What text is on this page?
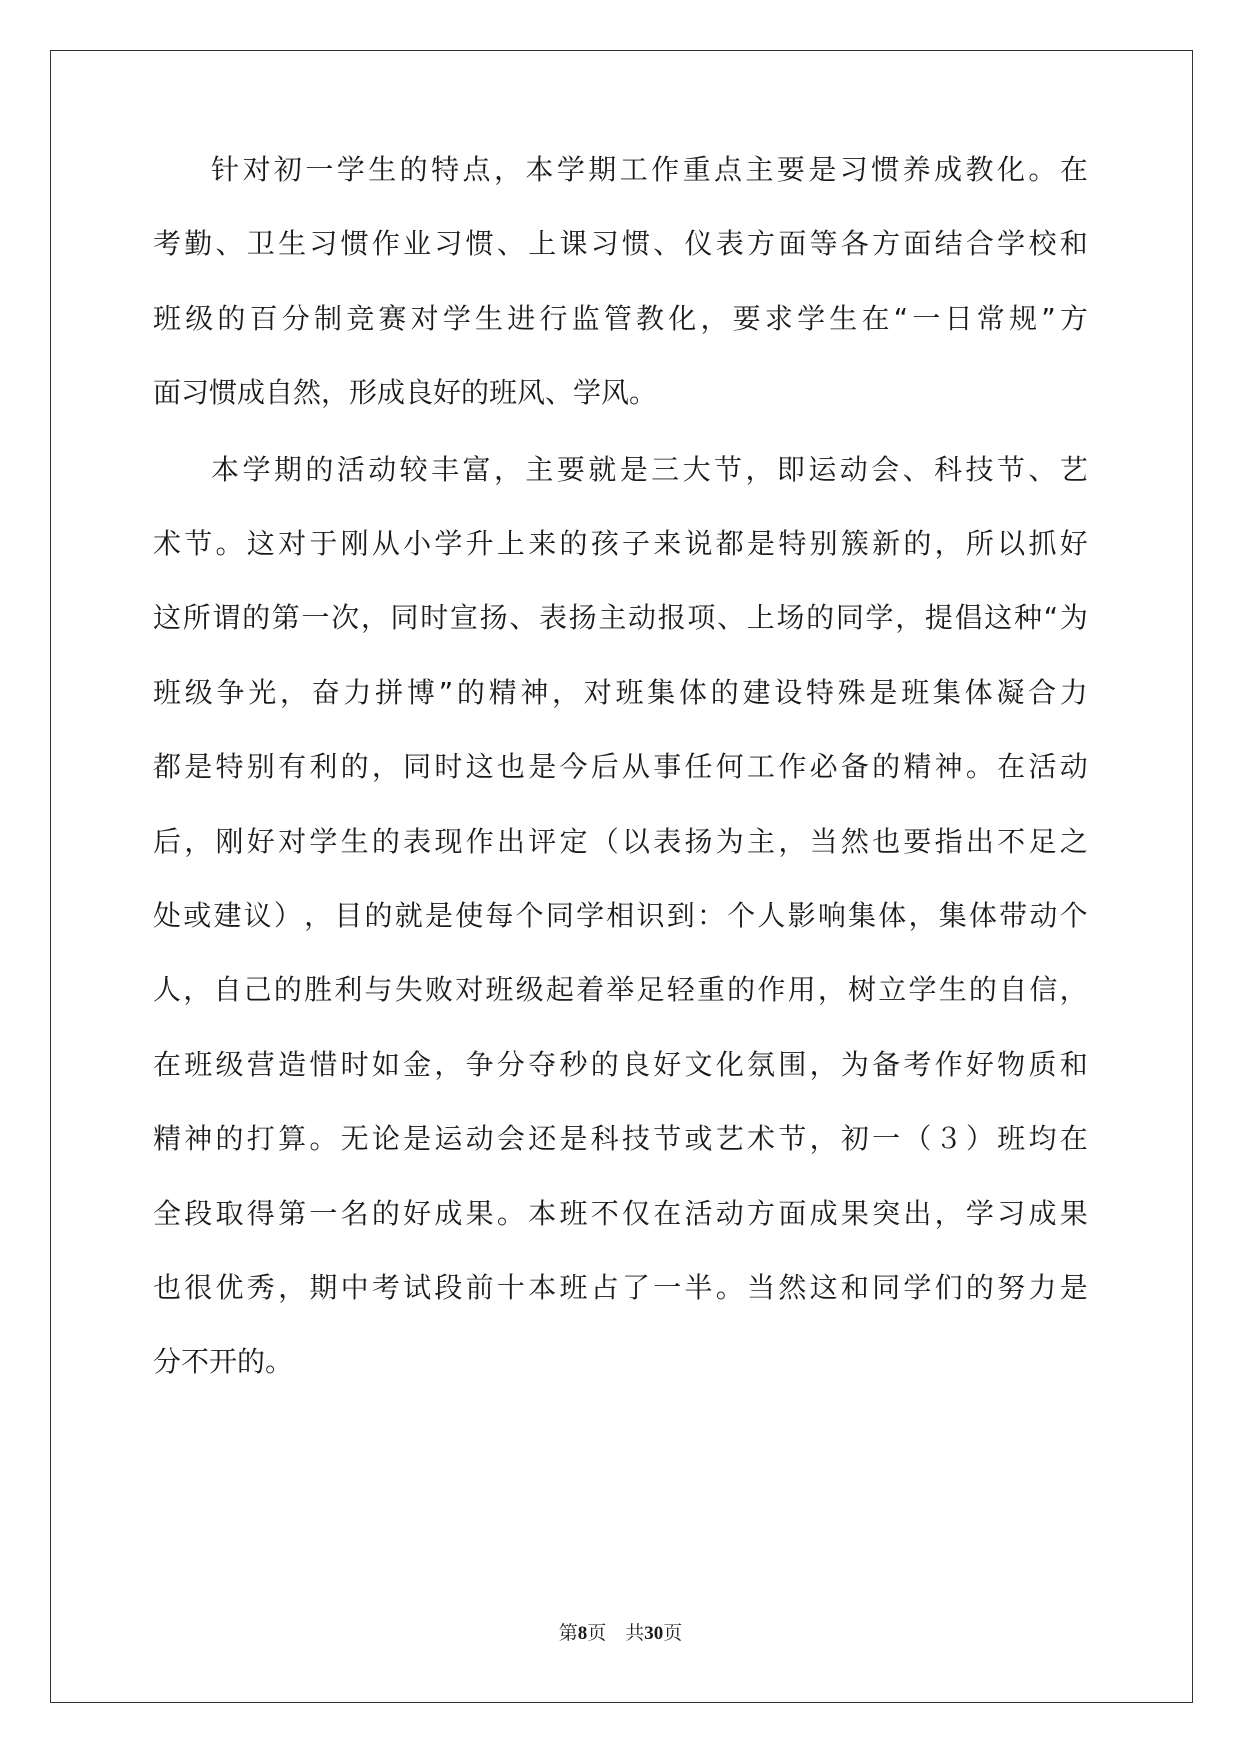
针 对 初 一 学 生 的 特 点 ， 本 学 期 工 作 重 点 主 要 是 习 惯 养 成 教 化 。 在
考 勤 、 卫 生 习 惯 作 业 习 惯 、 上 课 习 惯 、 仪 表 方 面 等 各 方 面 结 合 学 校 和
班 级 的 百 分 制 竞 赛 对 学 生 进 行 监 管 教 化 ， 要 求 学 生 在 “ 一 日 常 规 ” 方
面习惯成自然，形成良好的班风、学风。
本 学 期 的 活 动 较 丰 富 ， 主 要 就 是 三 大 节 ， 即 运 动 会 、 科 技 节 、 艺
术 节 。 这 对 于 刚 从 小 学 升 上 来 的 孩 子 来 说 都 是 特 别 簇 新 的 ， 所 以 抓 好
这 所 谓 的 第 一 次 ， 同 时 宣 扬 、 表 扬 主 动 报 项 、 上 场 的 同 学 ， 提 倡 这 种 “ 为
班 级 争 光 ， 奋 力 拼 博 ” 的 精 神 ， 对 班 集 体 的 建 设 特 殊 是 班 集 体 凝 合 力
都 是 特 别 有 利 的 ， 同 时 这 也 是 今 后 从 事 任 何 工 作 必 备 的 精 神 。 在 活 动
后 ， 刚 好 对 学 生 的 表 现 作 出 评 定 （ 以 表 扬 为 主 ， 当 然 也 要 指 出 不 足 之
处 或 建 议 ） ， 目 的 就 是 使 每 个 同 学 相 识 到 ： 个 人 影 响 集 体 ， 集 体 带 动 个
人 ， 自 己 的 胜 利 与 失 败 对 班 级 起 着 举 足 轻 重 的 作 用 ， 树 立 学 生 的 自 信 ，
在 班 级 营 造 惜 时 如 金 ， 争 分 夺 秒 的 良 好 文 化 氛 围 ， 为 备 考 作 好 物 质 和
精 神 的 打 算 。 无 论 是 运 动 会 还 是 科 技 节 或 艺 术 节 ， 初 一 （ ３ ） 班 均 在
全 段 取 得 第 一 名 的 好 成 果 。 本 班 不 仅 在 活 动 方 面 成 果 突 出 ， 学 习 成 果
也 很 优 秀 ， 期 中 考 试 段 前 十 本 班 占 了 一 半 。 当 然 这 和 同 学 们 的 努 力 是
分不开的。
第8页 共30页
